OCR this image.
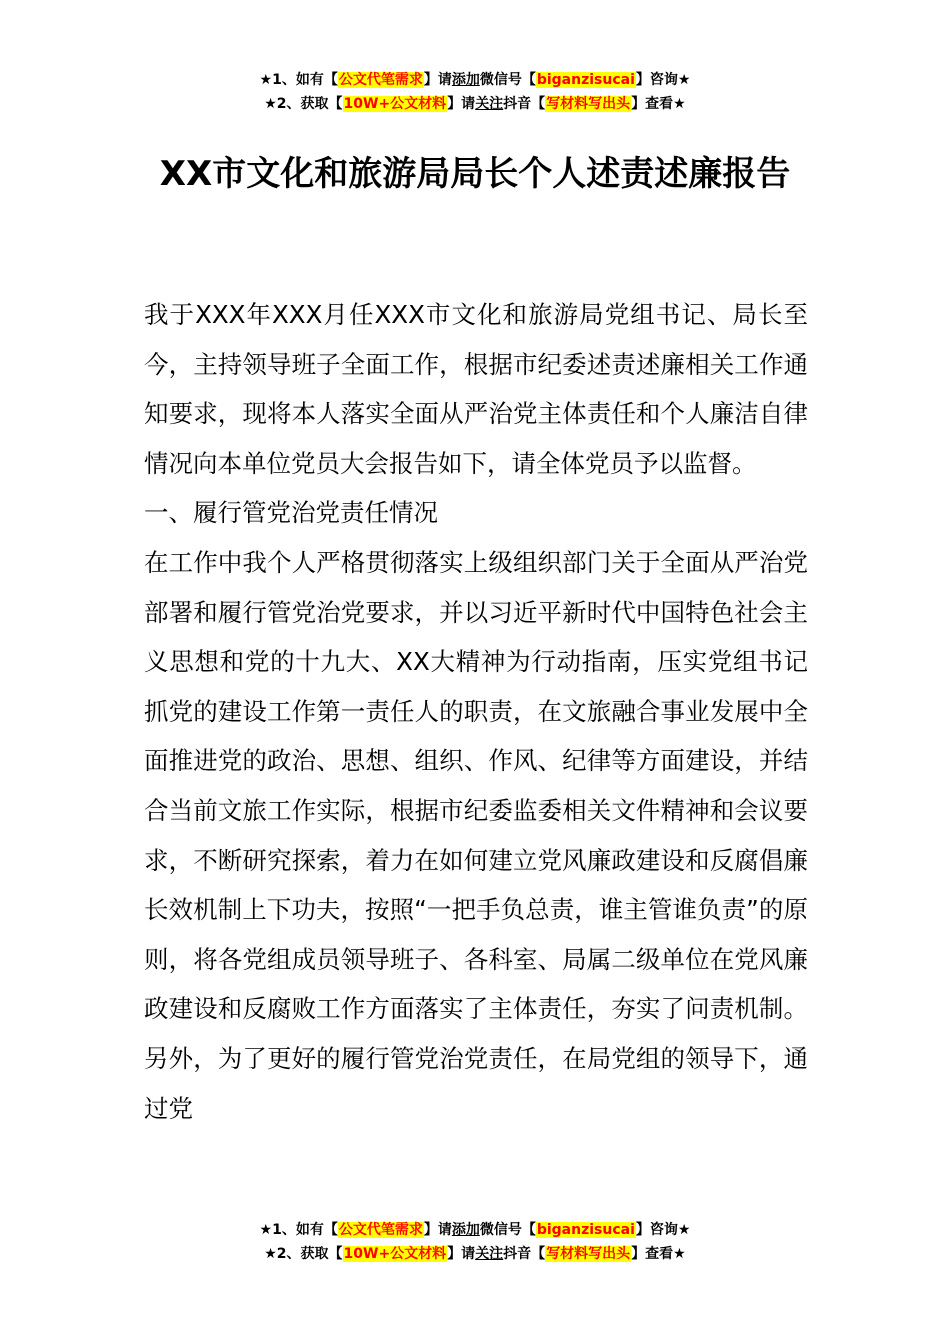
★1、如有【公文代笔需求】请添加微信号【biganzisucai】咨询★
★2、获取【10W+公文材料】请关注抖音【写材料写出头】查看★
XX市文化和旅游局局长个人述责述廉报告

我于XXX年XXX月任XXX市文化和旅游局党组书记、局长至今，主持领导班子全面工作，根据市纪委述责述廉相关工作通知要求，现将本人落实全面从严治党主体责任和个人廉洁自律情况向本单位党员大会报告如下，请全体党员予以监督。

一、履行管党治党责任情况

在工作中我个人严格贯彻落实上级组织部门关于全面从严治党部署和履行管党治党要求，并以习近平新时代中国特色社会主义思想和党的十九大、XX大精神为行动指南，压实党组书记抓党的建设工作第一责任人的职责，在文旅融合事业发展中全面推进党的政治、思想、组织、作风、纪律等方面建设，并结合当前文旅工作实际，根据市纪委监委相关文件精神和会议要求，不断研究探索，着力在如何建立党风廉政建设和反腐倡廉长效机制上下功夫，按照“一把手负总责，谁主管谁负责”的原则，将各党组成员领导班子、各科室、局属二级单位在党风廉政建设和反腐败工作方面落实了主体责任，夯实了问责机制。另外，为了更好的履行管党治党责任，在局党组的领导下，通过党

★1、如有【公文代笔需求】请添加微信号【biganzisucai】咨询★
★2、获取【10W+公文材料】请关注抖音【写材料写出头】查看★
